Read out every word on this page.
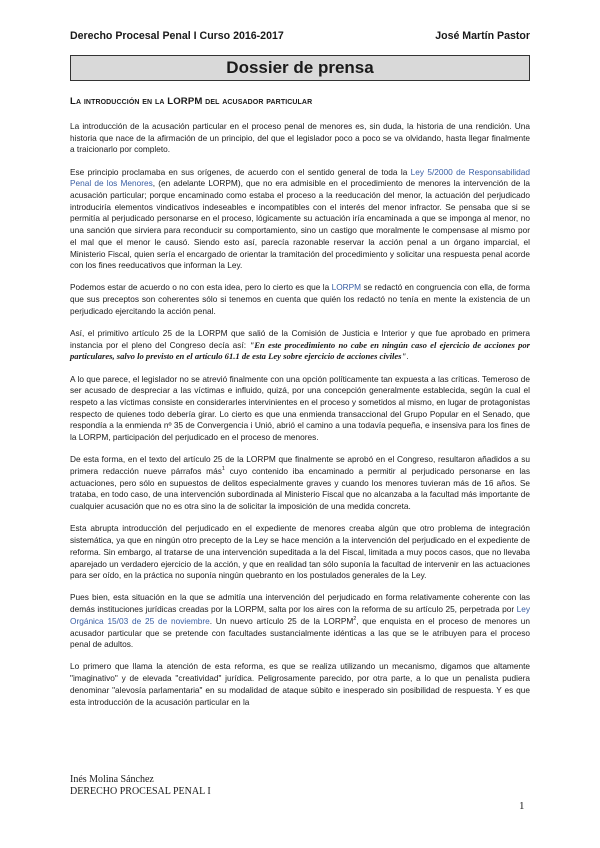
Derecho Procesal Penal I Curso 2016-2017	José Martín Pastor
Dossier de prensa
La introducción en la LORPM del acusador particular

La introducción de la acusación particular en el proceso penal de menores es, sin duda, la historia de una rendición. Una historia que nace de la afirmación de un principio, del que el legislador poco a poco se va olvidando, hasta llegar finalmente a traicionarlo por completo.

Ese principio proclamaba en sus orígenes, de acuerdo con el sentido general de toda la Ley 5/2000 de Responsabilidad Penal de los Menores, (en adelante LORPM), que no era admisible en el procedimiento de menores la intervención de la acusación particular; porque encaminado como estaba el proceso a la reeducación del menor, la actuación del perjudicado introduciría elementos vindicativos indeseables e incompatibles con el interés del menor infractor. Se pensaba que si se permitía al perjudicado personarse en el proceso, lógicamente su actuación iría encaminada a que se imponga al menor, no una sanción que sirviera para reconducir su comportamiento, sino un castigo que moralmente le compensase al mismo por el mal que el menor le causó. Siendo esto así, parecía razonable reservar la acción penal a un órgano imparcial, el Ministerio Fiscal, quien sería el encargado de orientar la tramitación del procedimiento y solicitar una respuesta penal acorde con los fines reeducativos que informan la Ley.

Podemos estar de acuerdo o no con esta idea, pero lo cierto es que la LORPM se redactó en congruencia con ella, de forma que sus preceptos son coherentes sólo si tenemos en cuenta que quién los redactó no tenía en mente la existencia de un perjudicado ejercitando la acción penal.

Así, el primitivo artículo 25 de la LORPM que salió de la Comisión de Justicia e Interior y que fue aprobado en primera instancia por el pleno del Congreso decía así: "En este procedimiento no cabe en ningún caso el ejercicio de acciones por particulares, salvo lo previsto en el artículo 61.1 de esta Ley sobre ejercicio de acciones civiles".

A lo que parece, el legislador no se atrevió finalmente con una opción políticamente tan expuesta a las críticas. Temeroso de ser acusado de despreciar a las víctimas e influido, quizá, por una concepción generalmente establecida, según la cual el respeto a las víctimas consiste en considerarles intervinientes en el proceso y sometidos al mismo, en lugar de protagonistas respecto de quienes todo debería girar. Lo cierto es que una enmienda transaccional del Grupo Popular en el Senado, que respondía a la enmienda nº 35 de Convergencia i Unió, abrió el camino a una todavía pequeña, e insensiva para los fines de la LORPM, participación del perjudicado en el proceso de menores.

De esta forma, en el texto del artículo 25 de la LORPM que finalmente se aprobó en el Congreso, resultaron añadidos a su primera redacción nueve párrafos más$^1$ cuyo contenido iba encaminado a permitir al perjudicado personarse en las actuaciones, pero sólo en supuestos de delitos especialmente graves y cuando los menores tuvieran más de 16 años. Se trataba, en todo caso, de una intervención subordinada al Ministerio Fiscal que no alcanzaba a la facultad más importante de cualquier acusación que no es otra sino la de solicitar la imposición de una medida concreta.

Esta abrupta introducción del perjudicado en el expediente de menores creaba algún que otro problema de integración sistemática, ya que en ningún otro precepto de la Ley se hace mención a la intervención del perjudicado en el expediente de reforma. Sin embargo, al tratarse de una intervención supeditada a la del Fiscal, limitada a muy pocos casos, que no llevaba aparejado un verdadero ejercicio de la acción, y que en realidad tan sólo suponía la facultad de intervenir en las actuaciones para ser oído, en la práctica no suponía ningún quebranto en los postulados generales de la Ley.

Pues bien, esta situación en la que se admitía una intervención del perjudicado en forma relativamente coherente con las demás instituciones jurídicas creadas por la LORPM, salta por los aires con la reforma de su artículo 25, perpetrada por Ley Orgánica 15/03 de 25 de noviembre. Un nuevo artículo 25 de la LORPM$^2$, que enquista en el proceso de menores un acusador particular que se pretende con facultades sustancialmente idénticas a las que se le atribuyen para el proceso penal de adultos.

Lo primero que llama la atención de esta reforma, es que se realiza utilizando un mecanismo, digamos que altamente "imaginativo" y de elevada "creatividad" jurídica. Peligrosamente parecido, por otra parte, a lo que un penalista pudiera denominar "alevosía parlamentaria" en su modalidad de ataque súbito e inesperado sin posibilidad de respuesta. Y es que esta introducción de la acusación particular en la

Inés Molina Sánchez
DERECHO PROCESAL PENAL I
1
